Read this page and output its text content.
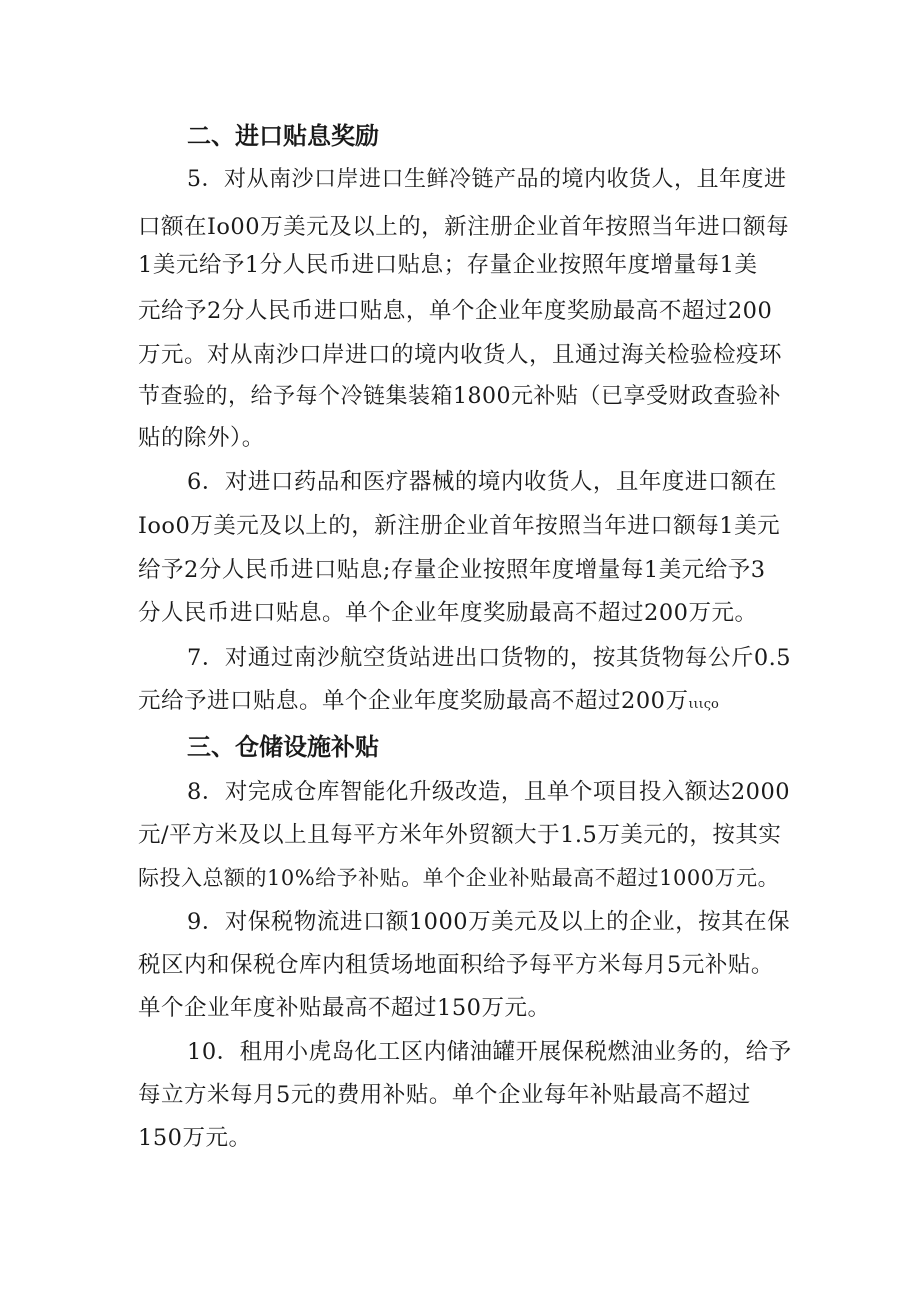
二、进口贴息奖励
5．对从南沙口岸进口生鲜冷链产品的境内收货人，且年度进
口额在Io00万美元及以上的，新注册企业首年按照当年进口额每
1美元给予1分人民币进口贴息；存量企业按照年度增量每1美
元给予2分人民币进口贴息，单个企业年度奖励最高不超过200
万元。对从南沙口岸进口的境内收货人，且通过海关检验检疫环
节查验的，给予每个冷链集装箱1800元补贴（已享受财政查验补
贴的除外）。
6．对进口药品和医疗器械的境内收货人，且年度进口额在
Ioo0万美元及以上的，新注册企业首年按照当年进口额每1美元
给予2分人民币进口贴息;存量企业按照年度增量每1美元给予3
分人民币进口贴息。单个企业年度奖励最高不超过200万元。
7．对通过南沙航空货站进出口货物的，按其货物每公斤0.5
元给予进口贴息。单个企业年度奖励最高不超过200万ιιιςο
三、仓储设施补贴
8．对完成仓库智能化升级改造，且单个项目投入额达2000
元/平方米及以上且每平方米年外贸额大于1.5万美元的，按其实
际投入总额的10%给予补贴。单个企业补贴最高不超过1000万元。
9．对保税物流进口额1000万美元及以上的企业，按其在保
税区内和保税仓库内租赁场地面积给予每平方米每月5元补贴。
单个企业年度补贴最高不超过150万元。
10．租用小虎岛化工区内储油罐开展保税燃油业务的，给予
每立方米每月5元的费用补贴。单个企业每年补贴最高不超过
150万元。
